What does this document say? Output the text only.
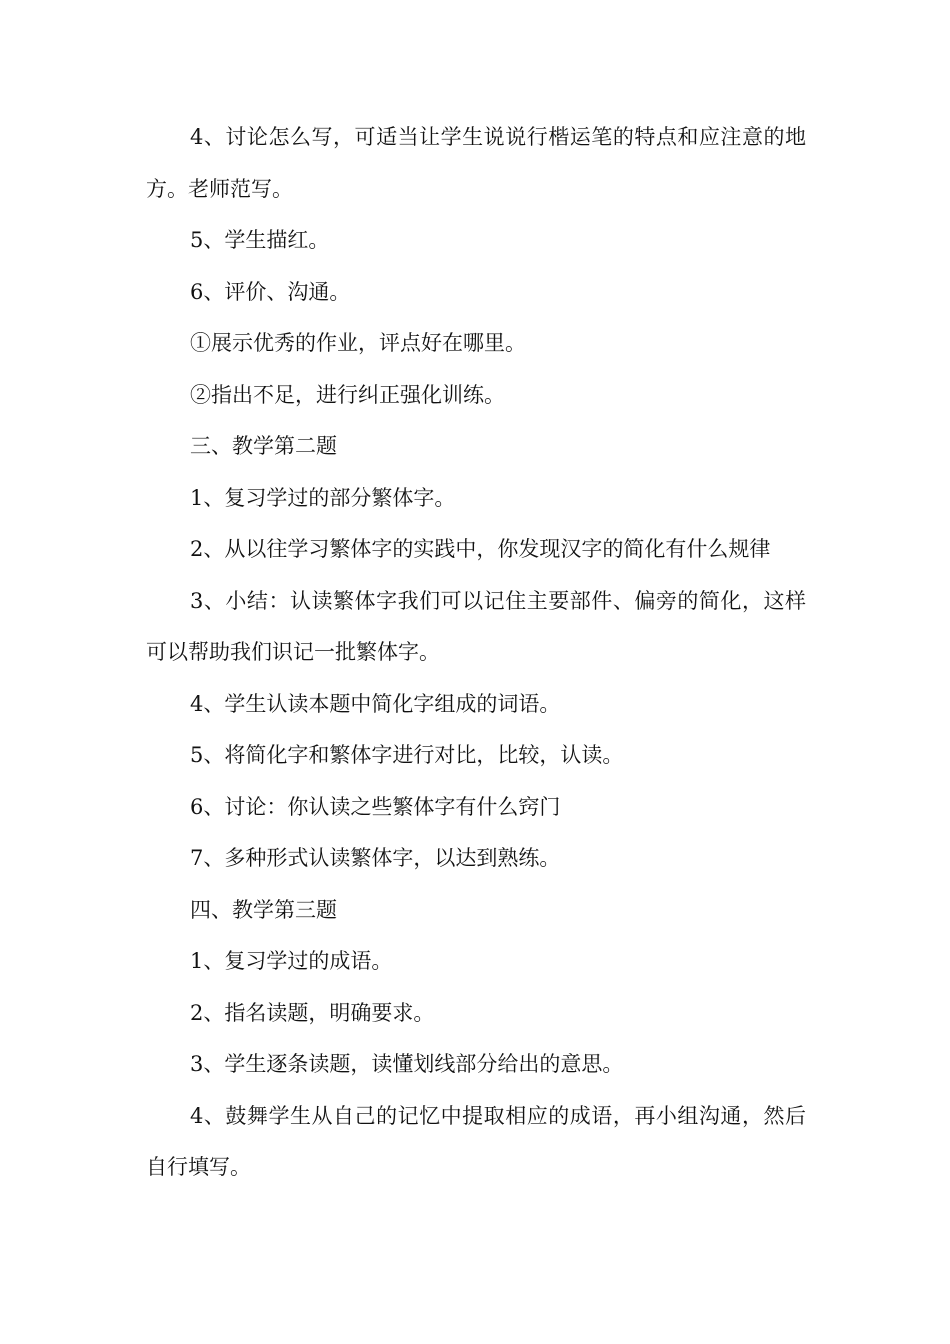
4、讨论怎么写，可适当让学生说说行楷运笔的特点和应注意的地方。老师范写。

5、学生描红。

6、评价、沟通。

①展示优秀的作业，评点好在哪里。

②指出不足，进行纠正强化训练。

三、教学第二题

1、复习学过的部分繁体字。

2、从以往学习繁体字的实践中，你发现汉字的简化有什么规律

3、小结：认读繁体字我们可以记住主要部件、偏旁的简化，这样可以帮助我们识记一批繁体字。

4、学生认读本题中简化字组成的词语。

5、将简化字和繁体字进行对比，比较，认读。

6、讨论：你认读之些繁体字有什么窍门

7、多种形式认读繁体字，以达到熟练。

四、教学第三题

1、复习学过的成语。

2、指名读题，明确要求。

3、学生逐条读题，读懂划线部分给出的意思。

4、鼓舞学生从自己的记忆中提取相应的成语，再小组沟通，然后自行填写。
